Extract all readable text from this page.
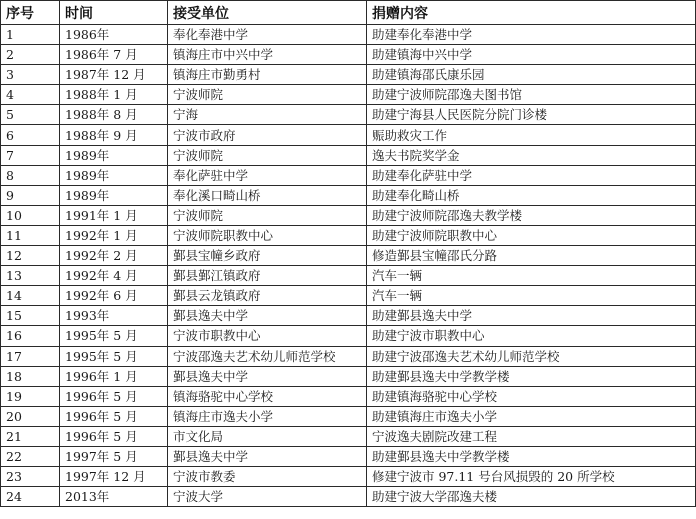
序号	时间	接受单位	捐赠内容
1	1986年	奉化奉港中学	助建奉化奉港中学
2	1986年 7 月	镇海庄市中兴中学	助建镇海中兴中学
3	1987年 12 月	镇海庄市勤勇村	助建镇海邵氏康乐园
4	1988年 1 月	宁波师院	助建宁波师院邵逸夫图书馆
5	1988年 8 月	宁海	助建宁海县人民医院分院门诊楼
6	1988年 9 月	宁波市政府	赈助救灾工作
7	1989年	宁波师院	逸夫书院奖学金
8	1989年	奉化萨驻中学	助建奉化萨驻中学
9	1989年	奉化溪口畸山桥	助建奉化畸山桥
10	1991年 1 月	宁波师院	助建宁波师院邵逸夫教学楼
11	1992年 1 月	宁波师院职教中心	助建宁波师院职教中心
12	1992年 2 月	鄞县宝幢乡政府	修造鄞县宝幢邵氏分路
13	1992年 4 月	鄞县鄞江镇政府	汽车一辆
14	1992年 6 月	鄞县云龙镇政府	汽车一辆
15	1993年	鄞县逸夫中学	助建鄞县逸夫中学
16	1995年 5 月	宁波市职教中心	助建宁波市职教中心
17	1995年 5 月	宁波邵逸夫艺术幼儿师范学校	助建宁波邵逸夫艺术幼儿师范学校
18	1996年 1 月	鄞县逸夫中学	助建鄞县逸夫中学教学楼
19	1996年 5 月	镇海骆驼中心学校	助建镇海骆驼中心学校
20	1996年 5 月	镇海庄市逸夫小学	助建镇海庄市逸夫小学
21	1996年 5 月	市文化局	宁波逸夫剧院改建工程
22	1997年 5 月	鄞县逸夫中学	助建鄞县逸夫中学教学楼
23	1997年 12 月	宁波市教委	修建宁波市 97.11 号台风损毁的 20 所学校
24	2013年	宁波大学	助建宁波大学邵逸夫楼
